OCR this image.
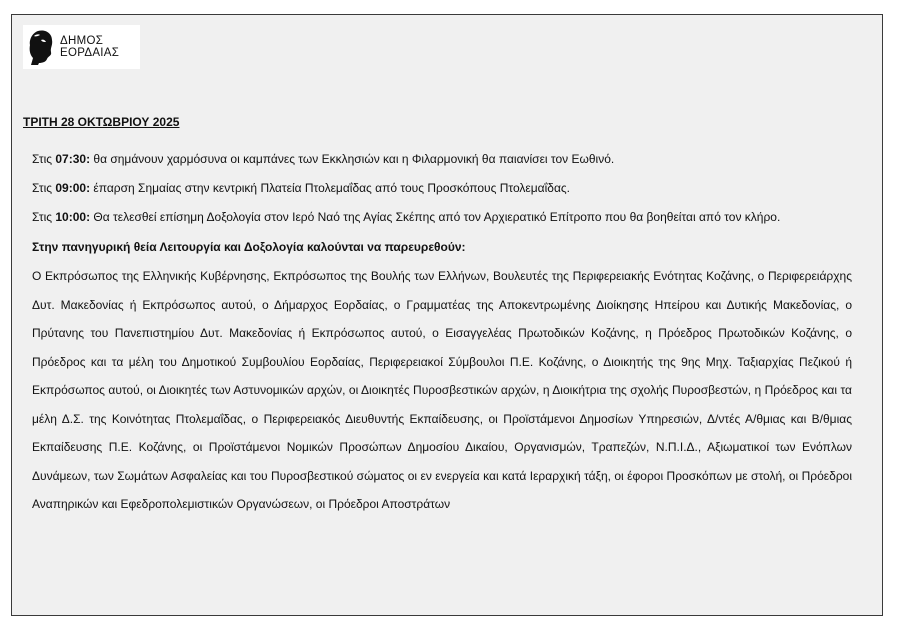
ΔΗΜΟΣ
ΕΟΡΔΑΙΑΣ

ΤΡΙΤΗ 28 ΟΚΤΩΒΡΙΟΥ 2025

Στις 07:30: θα σημάνουν χαρμόσυνα οι καμπάνες των Εκκλησιών και η Φιλαρμονική θα παιανίσει τον Εωθινό.

Στις 09:00: έπαρση Σημαίας στην κεντρική Πλατεία Πτολεμαΐδας από τους Προσκόπους Πτολεμαΐδας.

Στις 10:00: Θα τελεσθεί επίσημη Δοξολογία στον Ιερό Ναό της Αγίας Σκέπης από τον Αρχιερατικό Επίτροπο που θα βοηθείται από τον κλήρο.

Στην πανηγυρική θεία Λειτουργία και Δοξολογία καλούνται να παρευρεθούν:

Ο Εκπρόσωπος της Ελληνικής Κυβέρνησης, Εκπρόσωπος της Βουλής των Ελλήνων, Βουλευτές της Περιφερειακής Ενότητας Κοζάνης, ο Περιφερειάρχης Δυτ. Μακεδονίας ή Εκπρόσωπος αυτού, ο Δήμαρχος Εορδαίας, ο Γραμματέας της Αποκεντρωμένης Διοίκησης Ηπείρου και Δυτικής Μακεδονίας, ο Πρύτανης του Πανεπιστημίου Δυτ. Μακεδονίας ή Εκπρόσωπος αυτού, ο Εισαγγελέας Πρωτοδικών Κοζάνης, η Πρόεδρος Πρωτοδικών Κοζάνης, ο Πρόεδρος και τα μέλη του Δημοτικού Συμβουλίου Εορδαίας, Περιφερειακοί Σύμβουλοι Π.Ε. Κοζάνης, ο Διοικητής της 9ης Μηχ. Ταξιαρχίας Πεζικού ή Εκπρόσωπος αυτού, οι Διοικητές των Αστυνομικών αρχών, οι Διοικητές Πυροσβεστικών αρχών, η Διοικήτρια της σχολής Πυροσβεστών, η Πρόεδρος και τα μέλη Δ.Σ. της Κοινότητας Πτολεμαΐδας, ο Περιφερειακός Διευθυντής Εκπαίδευσης, οι Προϊστάμενοι Δημοσίων Υπηρεσιών, Δ/ντές Α/θμιας και Β/θμιας Εκπαίδευσης Π.Ε. Κοζάνης, οι Προϊστάμενοι Νομικών Προσώπων Δημοσίου Δικαίου, Οργανισμών, Τραπεζών, Ν.Π.Ι.Δ., Αξιωματικοί των Ενόπλων Δυνάμεων, των Σωμάτων Ασφαλείας και του Πυροσβεστικού σώματος οι εν ενεργεία και κατά Ιεραρχική τάξη, οι έφοροι Προσκόπων με στολή, οι Πρόεδροι Αναπηρικών και Εφεδροπολεμιστικών Οργανώσεων, οι Πρόεδροι Αποστράτων
